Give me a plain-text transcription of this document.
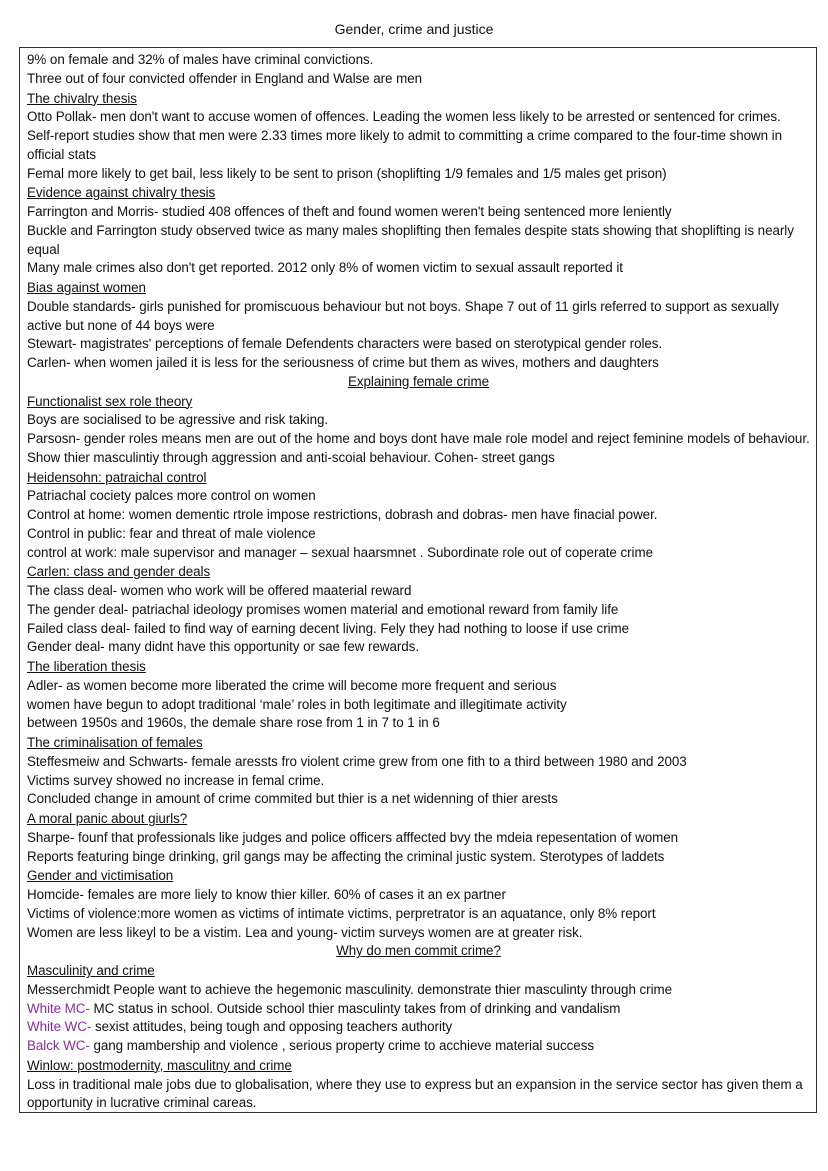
Gender, crime and justice
9% on female and 32% of males have criminal convictions.
Three out of four convicted offender in England and Walse are men
The chivalry thesis
Otto Pollak- men don't want to accuse women of offences. Leading the women less likely to be arrested or sentenced for crimes.
Self-report studies show that men were 2.33 times more likely to admit to committing a crime compared to the four-time shown in official stats
Femal more likely to get bail, less likely to be sent to prison (shoplifting 1/9 females and 1/5 males get prison)
Evidence against chivalry thesis
Farrington and Morris- studied 408 offences of theft and found women weren't being sentenced more leniently
Buckle and Farrington study observed twice as many males shoplifting then females despite stats showing that shoplifting is nearly equal
Many male crimes also don't get reported. 2012 only 8% of women victim to sexual assault reported it
Bias against women
Double standards- girls punished for promiscuous behaviour but not boys. Shape 7 out of 11 girls referred to support as sexually active but none of 44 boys were
Stewart- magistrates' perceptions of female Defendents characters were based on sterotypical gender roles.
Carlen- when women jailed it is less for the seriousness of crime but them as wives, mothers and daughters
Explaining female crime
Functionalist sex role theory
Boys are socialised to be agressive and risk taking.
Parsosn- gender roles means men are out of the home and boys dont have male role model and reject feminine models of behaviour. Show thier masculintiy through aggression and anti-scoial behaviour. Cohen- street gangs
Heidensohn: patraichal control
Patriachal cociety palces more control on women
Control at home: women dementic rtrole impose restrictions, dobrash and dobras- men have finacial power.
Control in public: fear and threat of male violence
control at work: male supervisor and manager – sexual haarsmnet . Subordinate role out of coperate crime
Carlen: class and gender deals
The class deal- women who work will be offered maaterial reward
The gender deal- patriachal ideology promises women material and emotional reward from family life
Failed class deal- failed to find way of earning decent living. Fely they had nothing to loose if use crime
Gender deal- many didnt have this opportunity or sae few rewards.
The liberation thesis
Adler- as women become more liberated the crime will become more frequent and serious
women have begun to adopt traditional ‘male’ roles in both legitimate and illegitimate activity
between 1950s and 1960s, the demale share rose from 1 in 7 to 1 in 6
The criminalisation of females
Steffesmeiw and Schwarts- female aressts fro violent crime grew from one fith to a third between 1980 and 2003
Victims survey showed no increase in femal crime.
Concluded change in amount of crime commited but thier is a net widenning of thier arests
A moral panic about giurls?
Sharpe- founf that professionals like judges and police officers afffected bvy the mdeia repesentation of women
Reports featuring binge drinking, gril gangs may be affecting the criminal justic system. Sterotypes of laddets
Gender and victimisation
Homcide- females are more liely to know thier killer. 60% of cases it an ex partner
Victims of violence:more women as victims of intimate victims, perpretrator is an aquatance, only 8% report
Women are less likeyl to be a vistim. Lea and young- victim surveys women are at greater risk.
Why do men commit crime?
Masculinity and crime
Messerchmidt People want to achieve the hegemonic masculinity. demonstrate thier masculinty through crime
White MC- MC status in school. Outside school thier masculinty takes from of drinking and vandalism
White WC- sexist attitudes, being tough and opposing teachers authority
Balck WC- gang mambership and violence , serious property crime to acchieve material success
Winlow: postmodernity, masculitny and crime
Loss in traditional male jobs due to globalisation, where they use to express but an expansion in the service sector has given them a opportunity in lucrative criminal careas.
